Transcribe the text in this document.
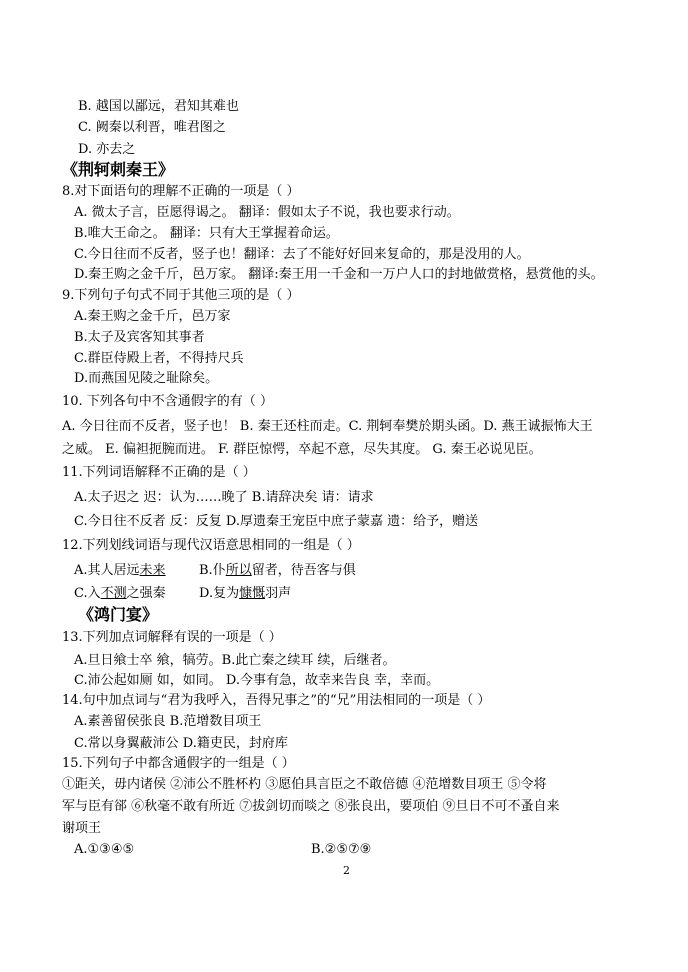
B. 越国以鄙远，君知其难也
C. 阙秦以利晋，唯君图之
D. 亦去之
《荆轲刺秦王》
8.对下面语句的理解不正确的一项是（ ）
A. 微太子言，臣愿得谒之。 翻译：假如太子不说，我也要求行动。
B.唯大王命之。 翻译：只有大王掌握着命运。
C.今日往而不反者，竖子也！翻译：去了不能好好回来复命的，那是没用的人。
D.秦王购之金千斤，邑万家。 翻译:秦王用一千金和一万户人口的封地做赏格，悬赏他的头。
9.下列句子句式不同于其他三项的是（ ）
A.秦王购之金千斤，邑万家
B.太子及宾客知其事者
C.群臣侍殿上者，不得持尺兵
D.而燕国见陵之耻除矣。
10. 下列各句中不含通假字的有（ ）
A. 今日往而不反者，竖子也！ B. 秦王还柱而走。C. 荆轲奉樊於期头函。D. 燕王诚振怖大王
之威。 E. 偏袒扼腕而进。 F. 群臣惊愕，卒起不意，尽失其度。 G. 秦王必说见臣。
11.下列词语解释不正确的是（ ）
A.太子迟之 迟：认为……晚了 B.请辞决矣 请：请求
C.今日往不反者 反：反复 D.厚遗秦王宠臣中庶子蒙嘉 遗：给予，赠送
12.下列划线词语与现代汉语意思相同的一组是（ ）
A.其人居远未来	B.仆所以留者，待吾客与俱
C.入不测之强秦	D.复为慷慨羽声
《鸿门宴》
13.下列加点词解释有误的一项是（ ）
A.旦日飨士卒 飨，犒劳。B.此亡秦之续耳 续，后继者。
C.沛公起如厕 如，如同。 D.今事有急，故幸来告良 幸，幸而。
14.句中加点词与“君为我呼入，吾得兄事之”的“兄”用法相同的一项是（ ）
A.素善留侯张良 B.范增数目项王
C.常以身翼蔽沛公 D.籍吏民，封府库
15.下列句子中都含通假字的一组是（ ）
①距关，毋内诸侯 ②沛公不胜杯杓 ③愿伯具言臣之不敢倍德 ④范增数目项王 ⑤令将
军与臣有郤 ⑥秋毫不敢有所近 ⑦拔剑切而啖之 ⑧张良出，要项伯 ⑨旦日不可不蚤自来
谢项王
A.①③④⑤	B.②⑤⑦⑨
2
